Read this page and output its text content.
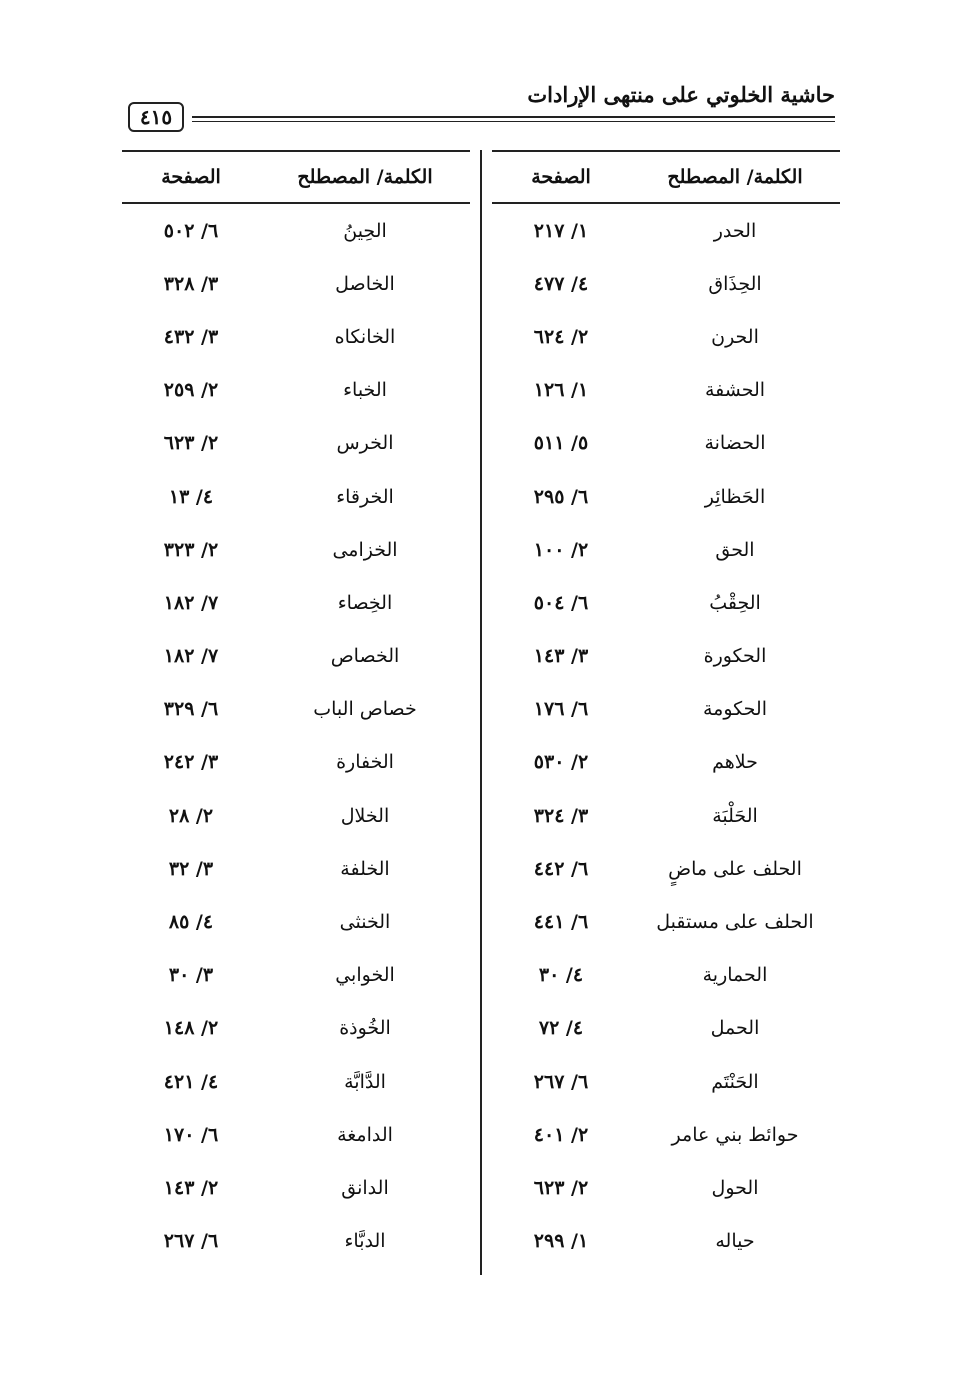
حاشية الخلوتي على منتهى الإرادات
٤١٥
الكلمة/ المصطلح
الصفحة
الحدر
١/ ٢١٧
الحِذَاق
٤/ ٤٧٧
الحرن
٢/ ٦٢٤
الحشفة
١/ ١٢٦
الحضانة
٥/ ٥١١
الحَظائِر
٦/ ٢٩٥
الحق
٢/ ١٠٠
الحِقْبُ
٦/ ٥٠٤
الحكورة
٣/ ١٤٣
الحكومة
٦/ ١٧٦
حلاهم
٢/ ٥٣٠
الحَلْبَة
٣/ ٣٢٤
الحلف على ماضٍ
٦/ ٤٤٢
الحلف على مستقبل
٦/ ٤٤١
الحمارية
٤/ ٣٠
الحمل
٤/ ٧٢
الحَنْتَم
٦/ ٢٦٧
حوائط بني عامر
٢/ ٤٠١
الحول
٢/ ٦٢٣
حياله
١/ ٢٩٩
الكلمة/ المصطلح
الصفحة
الحِينُ
٦/ ٥٠٢
الخاصل
٣/ ٣٢٨
الخانكاه
٣/ ٤٣٢
الخباء
٢/ ٢٥٩
الخرس
٢/ ٦٢٣
الخرقاء
٤/ ١٣
الخزامى
٢/ ٣٢٣
الخِصاء
٧/ ١٨٢
الخصاص
٧/ ١٨٢
خصاص الباب
٦/ ٣٢٩
الخفارة
٣/ ٢٤٢
الخلال
٢/ ٢٨
الخلفة
٣/ ٣٢
الخنثى
٤/ ٨٥
الخوابي
٣/ ٣٠
الخُوذة
٢/ ١٤٨
الدَّابَّة
٤/ ٤٢١
الدامغة
٦/ ١٧٠
الدانق
٢/ ١٤٣
الدبَّاء
٦/ ٢٦٧
